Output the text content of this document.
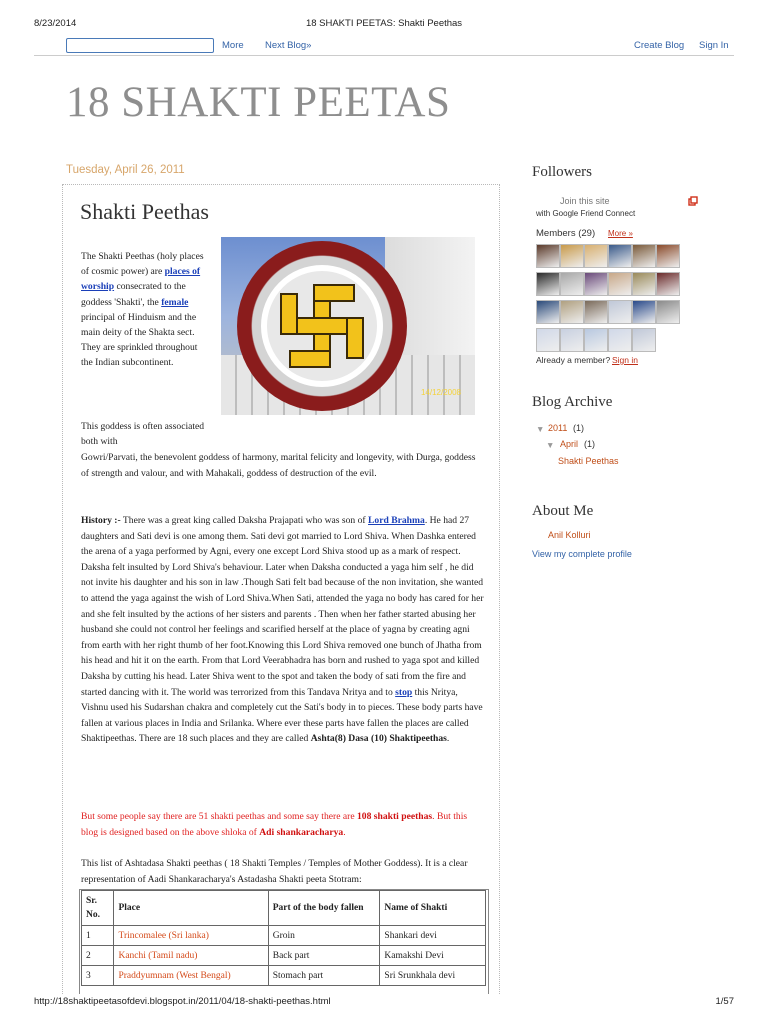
8/23/2014	18 SHAKTI PEETAS: Shakti Peethas
More Next Blog»	Create Blog Sign In
18 SHAKTI PEETAS
Tuesday, April 26, 2011
Shakti Peethas
14/12/2008
The Shakti Peethas (holy places of cosmic power) are places of worship consecrated to the goddess 'Shakti', the female principal of Hinduism and the main deity of the Shakta sect. They are sprinkled throughout the Indian subcontinent.
This goddess is often associated both with
Gowri/Parvati, the benevolent goddess of harmony, marital felicity and longevity, with Durga, goddess of strength and valour, and with Mahakali, goddess of destruction of the evil.
History :- There was a great king called Daksha Prajapati who was son of Lord Brahma. He had 27 daughters and Sati devi is one among them. Sati devi got married to Lord Shiva. When Dashka entered the arena of a yaga performed by Agni, every one except Lord Shiva stood up as a mark of respect. Daksha felt insulted by Lord Shiva's behaviour. Later when Daksha conducted a yaga him self , he did not invite his daughter and his son in law .Though Sati felt bad because of the non invitation, she wanted to attend the yaga against the wish of Lord Shiva.When Sati, attended the yaga no body has cared for her and she felt insulted by the actions of her sisters and parents . Then when her father started abusing her husband she could not control her feelings and scarified herself at the place of yagna by creating agni from earth with her right thumb of her foot.Knowing this Lord Shiva removed one bunch of Jhatha from his head and hit it on the earth. From that Lord Veerabhadra has born and rushed to yaga spot and killed Daksha by cutting his head. Later Shiva went to the spot and taken the body of sati from the fire and started dancing with it. The world was terrorized from this Tandava Nritya and to stop this Nritya, Vishnu used his Sudarshan chakra and completely cut the Sati's body in to pieces. These body parts have fallen at various places in India and Srilanka. Where ever these parts have fallen the places are called Shaktipeethas. There are 18 such places and they are called Ashta(8) Dasa (10) Shaktipeethas.
But some people say there are 51 shakti peethas and some say there are 108 shakti peethas. But this blog is designed based on the above shloka of Adi shankaracharya.
This list of Ashtadasa Shakti peethas ( 18 Shakti Temples / Temples of Mother Goddess). It is a clear representation of Aadi Shankaracharya's Astadasha Shakti peeta Stotram:
Sr. No.	Place	Part of the body fallen	Name of Shakti
1	Trincomalee (Sri lanka)	Groin	Shankari devi
2	Kanchi (Tamil nadu)	Back part	Kamakshi Devi
3	Praddyumnam (West Bengal)	Stomach part	Sri Srunkhala devi
Followers
Join this site
with Google Friend Connect
Members (29) More »
Already a member? Sign in
Blog Archive
▼ 2011 (1)
▼ April (1)
Shakti Peethas
About Me
Anil Kolluri
View my complete profile
http://18shaktipeetasofdevi.blogspot.in/2011/04/18-shakti-peethas.html	1/57
